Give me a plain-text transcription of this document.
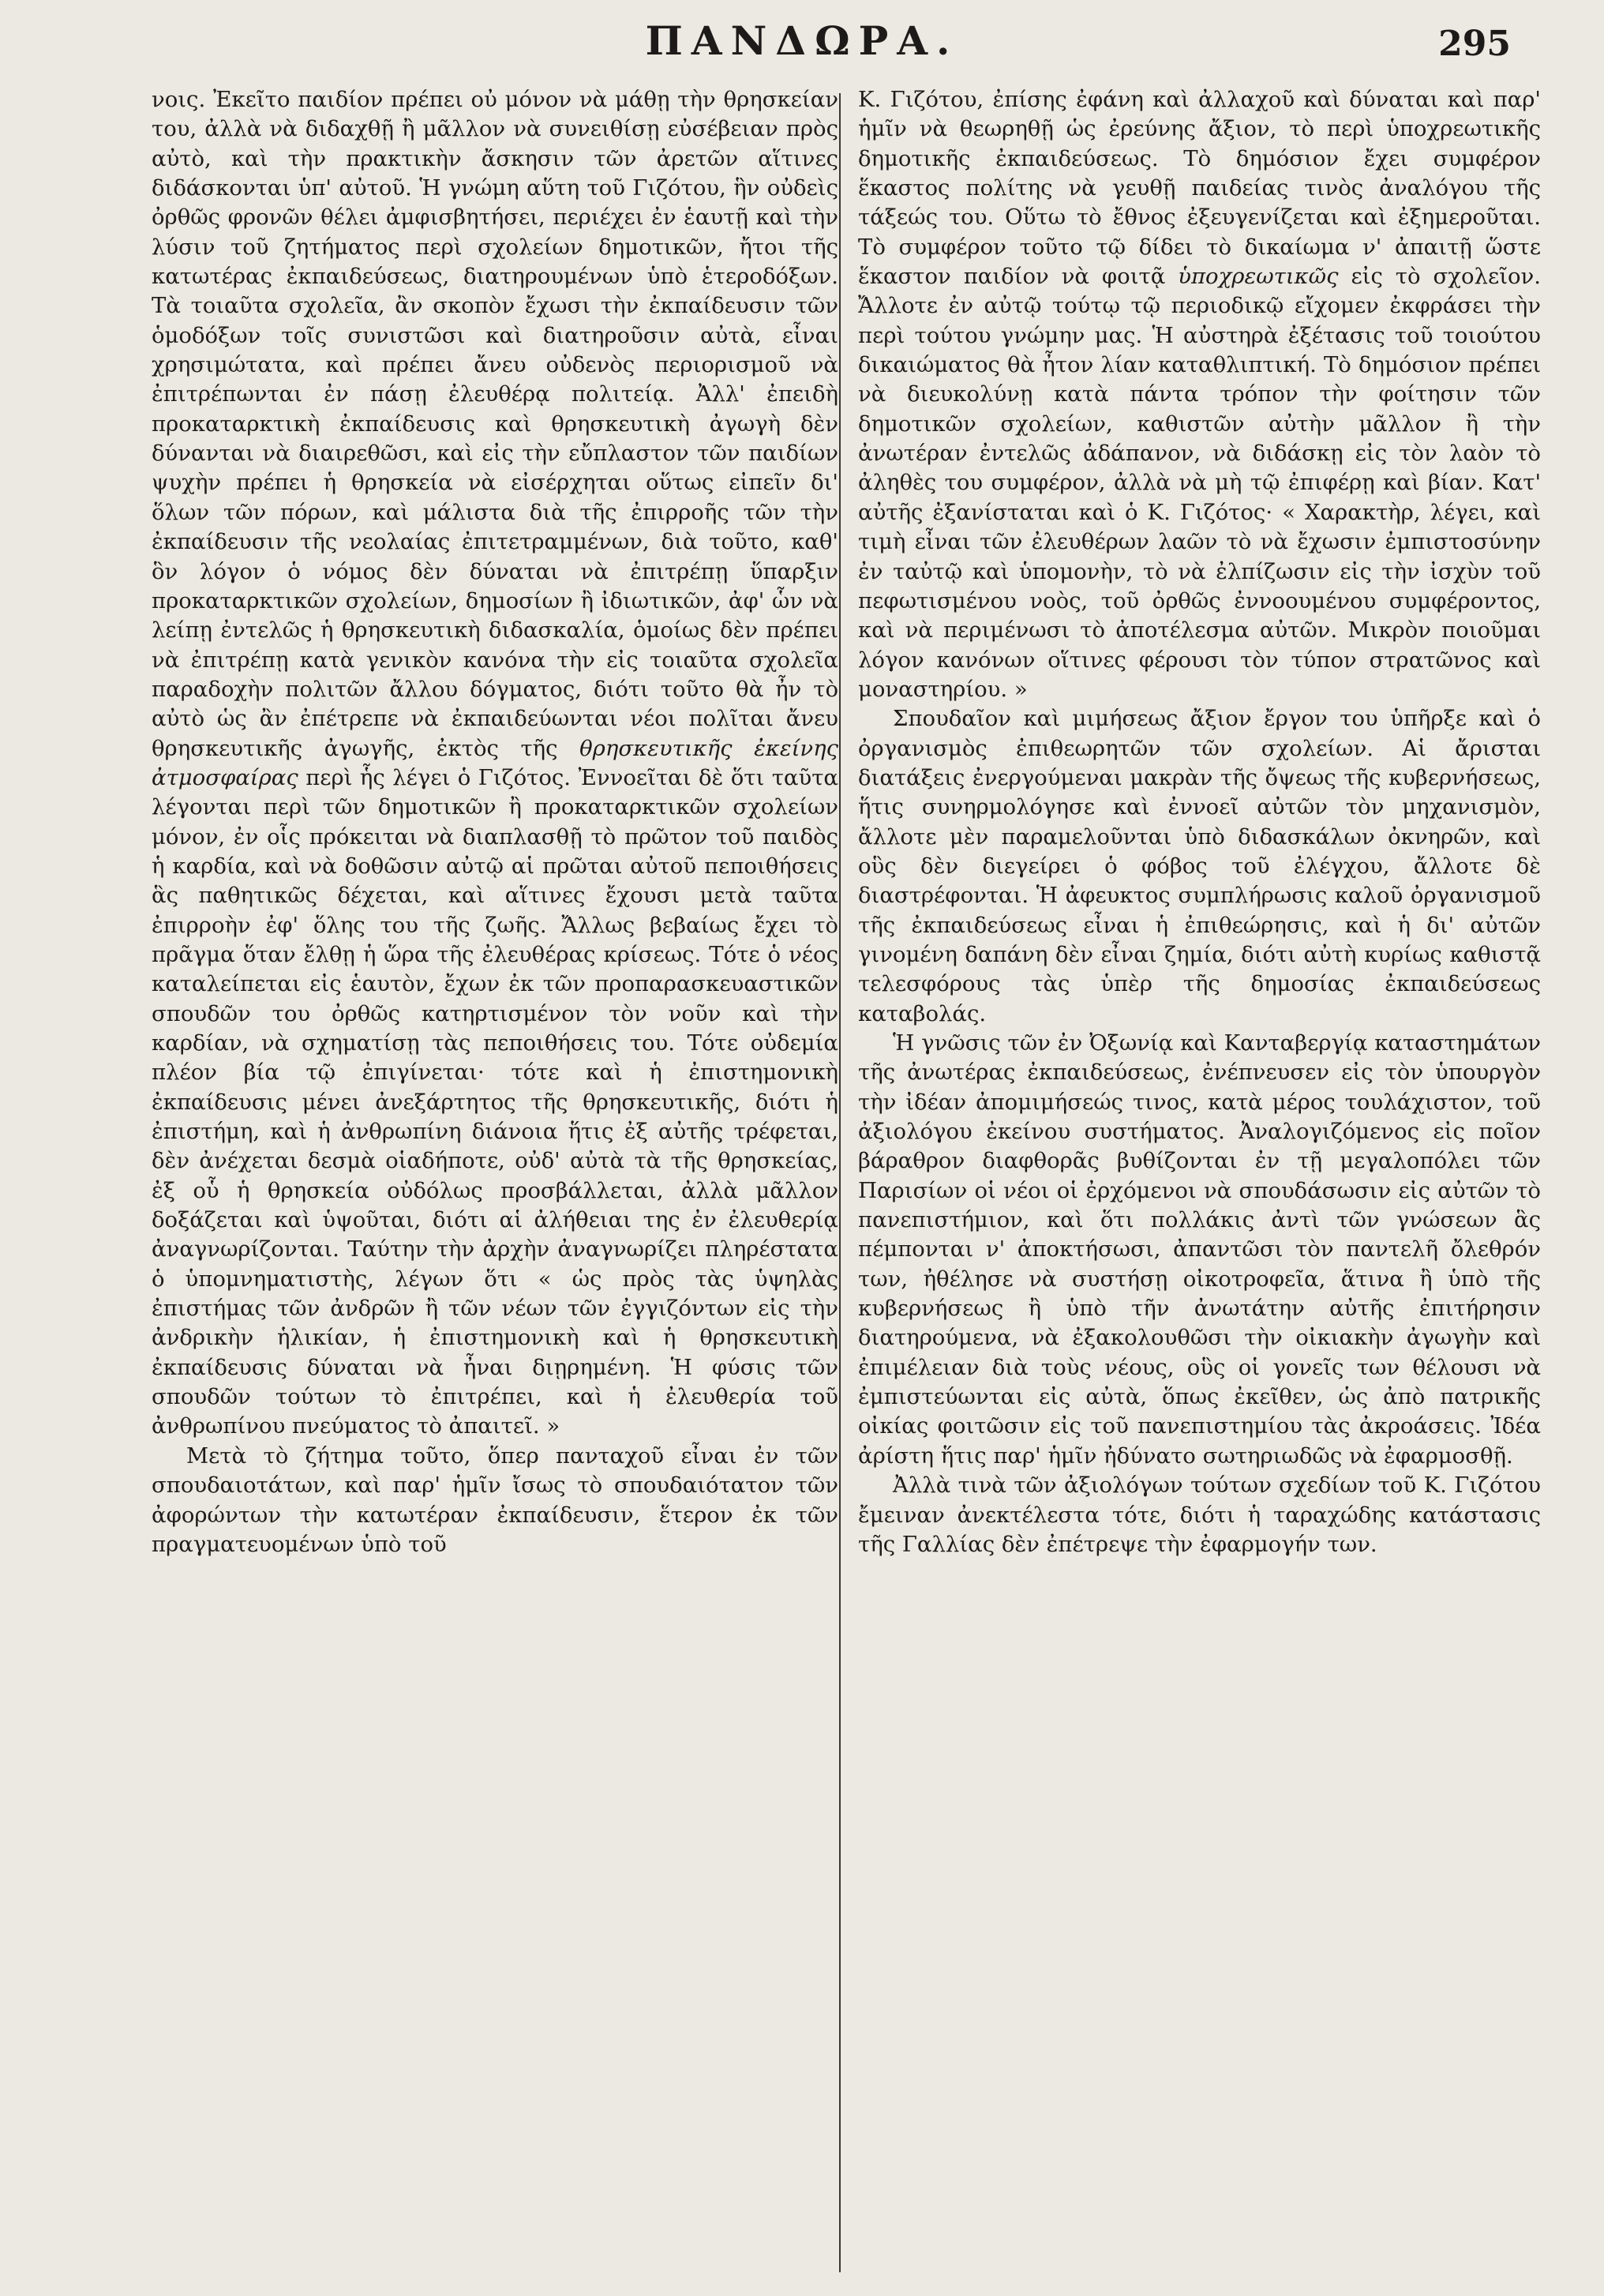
ΠΑΝΔΩΡΑ.	295

νοις. Ἐκεῖτο παιδίον πρέπει οὐ μόνον νὰ μάθῃ τὴν θρησκείαν του, ἀλλὰ νὰ διδαχθῇ ἢ μᾶλλον νὰ συνειθίσῃ εὐσέβειαν πρὸς αὐτὸ, καὶ τὴν πρακτικὴν ἄσκησιν τῶν ἀρετῶν αἵτινες διδάσκονται ὑπ' αὐτοῦ. Ἡ γνώμη αὕτη τοῦ Γιζότου, ἣν οὐδεὶς ὀρθῶς φρονῶν θέλει ἀμφισβητήσει, περιέχει ἐν ἑαυτῇ καὶ τὴν λύσιν τοῦ ζητήματος περὶ σχολείων δημοτικῶν, ἤτοι τῆς κατωτέρας ἐκπαιδεύσεως, διατηρουμένων ὑπὸ ἑτεροδόξων. Τὰ τοιαῦτα σχολεῖα, ἂν σκοπὸν ἔχωσι τὴν ἐκπαίδευσιν τῶν ὁμοδόξων τοῖς συνιστῶσι καὶ διατηροῦσιν αὐτὰ, εἶναι χρησιμώτατα, καὶ πρέπει ἄνευ οὐδενὸς περιορισμοῦ νὰ ἐπιτρέπωνται ἐν πάσῃ ἐλευθέρᾳ πολιτείᾳ. Ἀλλ' ἐπειδὴ προκαταρκτικὴ ἐκπαίδευσις καὶ θρησκευτικὴ ἀγωγὴ δὲν δύνανται νὰ διαιρεθῶσι, καὶ εἰς τὴν εὔπλαστον τῶν παιδίων ψυχὴν πρέπει ἡ θρησκεία νὰ εἰσέρχηται οὕτως εἰπεῖν δι' ὅλων τῶν πόρων, καὶ μάλιστα διὰ τῆς ἐπιρροῆς τῶν τὴν ἐκπαίδευσιν τῆς νεολαίας ἐπιτετραμμένων, διὰ τοῦτο, καθ' ὃν λόγον ὁ νόμος δὲν δύναται νὰ ἐπιτρέπῃ ὕπαρξιν προκαταρκτικῶν σχολείων, δημοσίων ἢ ἰδιωτικῶν, ἀφ' ὧν νὰ λείπῃ ἐντελῶς ἡ θρησκευτικὴ διδασκαλία, ὁμοίως δὲν πρέπει νὰ ἐπιτρέπῃ κατὰ γενικὸν κανόνα τὴν εἰς τοιαῦτα σχολεῖα παραδοχὴν πολιτῶν ἄλλου δόγματος, διότι τοῦτο θὰ ἦν τὸ αὐτὸ ὡς ἂν ἐπέτρεπε νὰ ἐκπαιδεύωνται νέοι πολῖται ἄνευ θρησκευτικῆς ἀγωγῆς, ἐκτὸς τῆς θρησκευτικῆς ἐκείνης ἀτμοσφαίρας περὶ ἧς λέγει ὁ Γιζότος. Ἐννοεῖται δὲ ὅτι ταῦτα λέγονται περὶ τῶν δημοτικῶν ἢ προκαταρκτικῶν σχολείων μόνον, ἐν οἷς πρόκειται νὰ διαπλασθῇ τὸ πρῶτον τοῦ παιδὸς ἡ καρδία, καὶ νὰ δοθῶσιν αὐτῷ αἱ πρῶται αὐτοῦ πεποιθήσεις ἃς παθητικῶς δέχεται, καὶ αἵτινες ἔχουσι μετὰ ταῦτα ἐπιρροὴν ἐφ' ὅλης του τῆς ζωῆς. Ἄλλως βεβαίως ἔχει τὸ πρᾶγμα ὅταν ἔλθῃ ἡ ὥρα τῆς ἐλευθέρας κρίσεως. Τότε ὁ νέος καταλείπεται εἰς ἑαυτὸν, ἔχων ἐκ τῶν προπαρασκευαστικῶν σπουδῶν του ὀρθῶς κατηρτισμένον τὸν νοῦν καὶ τὴν καρδίαν, νὰ σχηματίσῃ τὰς πεποιθήσεις του. Τότε οὐδεμία πλέον βία τῷ ἐπιγίνεται· τότε καὶ ἡ ἐπιστημονικὴ ἐκπαίδευσις μένει ἀνεξάρτητος τῆς θρησκευτικῆς, διότι ἡ ἐπιστήμη, καὶ ἡ ἀνθρωπίνη διάνοια ἥτις ἐξ αὐτῆς τρέφεται, δὲν ἀνέχεται δεσμὰ οἱαδήποτε, οὐδ' αὐτὰ τὰ τῆς θρησκείας, ἐξ οὗ ἡ θρησκεία οὐδόλως προσβάλλεται, ἀλλὰ μᾶλλον δοξάζεται καὶ ὑψοῦται, διότι αἱ ἀλήθειαι της ἐν ἐλευθερίᾳ ἀναγνωρίζονται. Ταύτην τὴν ἀρχὴν ἀναγνωρίζει πληρέστατα ὁ ὑπομνηματιστὴς, λέγων ὅτι « ὡς πρὸς τὰς ὑψηλὰς ἐπιστήμας τῶν ἀνδρῶν ἢ τῶν νέων τῶν ἐγγιζόντων εἰς τὴν ἀνδρικὴν ἡλικίαν, ἡ ἐπιστημονικὴ καὶ ἡ θρησκευτικὴ ἐκπαίδευσις δύναται νὰ ἦναι διῃρημένη. Ἡ φύσις τῶν σπουδῶν τούτων τὸ ἐπιτρέπει, καὶ ἡ ἐλευθερία τοῦ ἀνθρωπίνου πνεύματος τὸ ἀπαιτεῖ. »

Μετὰ τὸ ζήτημα τοῦτο, ὅπερ πανταχοῦ εἶναι ἐν τῶν σπουδαιοτάτων, καὶ παρ' ἡμῖν ἴσως τὸ σπουδαιότατον τῶν ἀφορώντων τὴν κατωτέραν ἐκπαίδευσιν, ἕτερον ἐκ τῶν πραγματευομένων ὑπὸ τοῦ

Κ. Γιζότου, ἐπίσης ἐφάνη καὶ ἀλλαχοῦ καὶ δύναται καὶ παρ' ἡμῖν νὰ θεωρηθῇ ὡς ἐρεύνης ἄξιον, τὸ περὶ ὑποχρεωτικῆς δημοτικῆς ἐκπαιδεύσεως. Τὸ δημόσιον ἔχει συμφέρον ἕκαστος πολίτης νὰ γευθῇ παιδείας τινὸς ἀναλόγου τῆς τάξεώς του. Οὕτω τὸ ἔθνος ἐξευγενίζεται καὶ ἐξημεροῦται. Τὸ συμφέρον τοῦτο τῷ δίδει τὸ δικαίωμα ν' ἀπαιτῇ ὥστε ἕκαστον παιδίον νὰ φοιτᾷ ὑποχρεωτικῶς εἰς τὸ σχολεῖον. Ἄλλοτε ἐν αὐτῷ τούτῳ τῷ περιοδικῷ εἴχομεν ἐκφράσει τὴν περὶ τούτου γνώμην μας. Ἡ αὐστηρὰ ἐξέτασις τοῦ τοιούτου δικαιώματος θὰ ἦτον λίαν καταθλιπτική. Τὸ δημόσιον πρέπει νὰ διευκολύνῃ κατὰ πάντα τρόπον τὴν φοίτησιν τῶν δημοτικῶν σχολείων, καθιστῶν αὐτὴν μᾶλλον ἢ τὴν ἀνωτέραν ἐντελῶς ἀδάπανον, νὰ διδάσκῃ εἰς τὸν λαὸν τὸ ἀληθὲς του συμφέρον, ἀλλὰ νὰ μὴ τῷ ἐπιφέρῃ καὶ βίαν. Κατ' αὐτῆς ἐξανίσταται καὶ ὁ Κ. Γιζότος· « Χαρακτὴρ, λέγει, καὶ τιμὴ εἶναι τῶν ἐλευθέρων λαῶν τὸ νὰ ἔχωσιν ἐμπιστοσύνην ἐν ταὐτῷ καὶ ὑπομονὴν, τὸ νὰ ἐλπίζωσιν εἰς τὴν ἰσχὺν τοῦ πεφωτισμένου νοὸς, τοῦ ὀρθῶς ἐννοουμένου συμφέροντος, καὶ νὰ περιμένωσι τὸ ἀποτέλεσμα αὐτῶν. Μικρὸν ποιοῦμαι λόγον κανόνων οἵτινες φέρουσι τὸν τύπον στρατῶνος καὶ μοναστηρίου. »

Σπουδαῖον καὶ μιμήσεως ἄξιον ἔργον του ὑπῆρξε καὶ ὁ ὀργανισμὸς ἐπιθεωρητῶν τῶν σχολείων. Αἱ ἄρισται διατάξεις ἐνεργούμεναι μακρὰν τῆς ὄψεως τῆς κυβερνήσεως, ἥτις συνηρμολόγησε καὶ ἐννοεῖ αὐτῶν τὸν μηχανισμὸν, ἄλλοτε μὲν παραμελοῦνται ὑπὸ διδασκάλων ὀκνηρῶν, καὶ οὓς δὲν διεγείρει ὁ φόβος τοῦ ἐλέγχου, ἄλλοτε δὲ διαστρέφονται. Ἡ ἀφευκτος συμπλήρωσις καλοῦ ὀργανισμοῦ τῆς ἐκπαιδεύσεως εἶναι ἡ ἐπιθεώρησις, καὶ ἡ δι' αὐτῶν γινομένη δαπάνη δὲν εἶναι ζημία, διότι αὐτὴ κυρίως καθιστᾷ τελεσφόρους τὰς ὑπὲρ τῆς δημοσίας ἐκπαιδεύσεως καταβολάς.

Ἡ γνῶσις τῶν ἐν Ὀξωνίᾳ καὶ Κανταβεργίᾳ καταστημάτων τῆς ἀνωτέρας ἐκπαιδεύσεως, ἐνέπνευσεν εἰς τὸν ὑπουργὸν τὴν ἰδέαν ἀπομιμήσεώς τινος, κατὰ μέρος τουλάχιστον, τοῦ ἀξιολόγου ἐκείνου συστήματος. Ἀναλογιζόμενος εἰς ποῖον βάραθρον διαφθορᾶς βυθίζονται ἐν τῇ μεγαλοπόλει τῶν Παρισίων οἱ νέοι οἱ ἐρχόμενοι νὰ σπουδάσωσιν εἰς αὐτῶν τὸ πανεπιστήμιον, καὶ ὅτι πολλάκις ἀντὶ τῶν γνώσεων ἃς πέμπονται ν' ἀποκτήσωσι, ἀπαντῶσι τὸν παντελῆ ὄλεθρόν των, ἠθέλησε νὰ συστήσῃ οἰκοτροφεῖα, ἅτινα ἢ ὑπὸ τῆς κυβερνήσεως ἢ ὑπὸ τῆν ἀνωτάτην αὐτῆς ἐπιτήρησιν διατηρούμενα, νὰ ἐξακολουθῶσι τὴν οἰκιακὴν ἀγωγὴν καὶ ἐπιμέλειαν διὰ τοὺς νέους, οὓς οἱ γονεῖς των θέλουσι νὰ ἐμπιστεύωνται εἰς αὐτὰ, ὅπως ἐκεῖθεν, ὡς ἀπὸ πατρικῆς οἰκίας φοιτῶσιν εἰς τοῦ πανεπιστημίου τὰς ἀκροάσεις. Ἰδέα ἀρίστη ἥτις παρ' ἡμῖν ἠδύνατο σωτηριωδῶς νὰ ἐφαρμοσθῇ.

Ἀλλὰ τινὰ τῶν ἀξιολόγων τούτων σχεδίων τοῦ Κ. Γιζότου ἔμειναν ἀνεκτέλεστα τότε, διότι ἡ ταραχώδης κατάστασις τῆς Γαλλίας δὲν ἐπέτρεψε τὴν ἐφαρμογήν των.
